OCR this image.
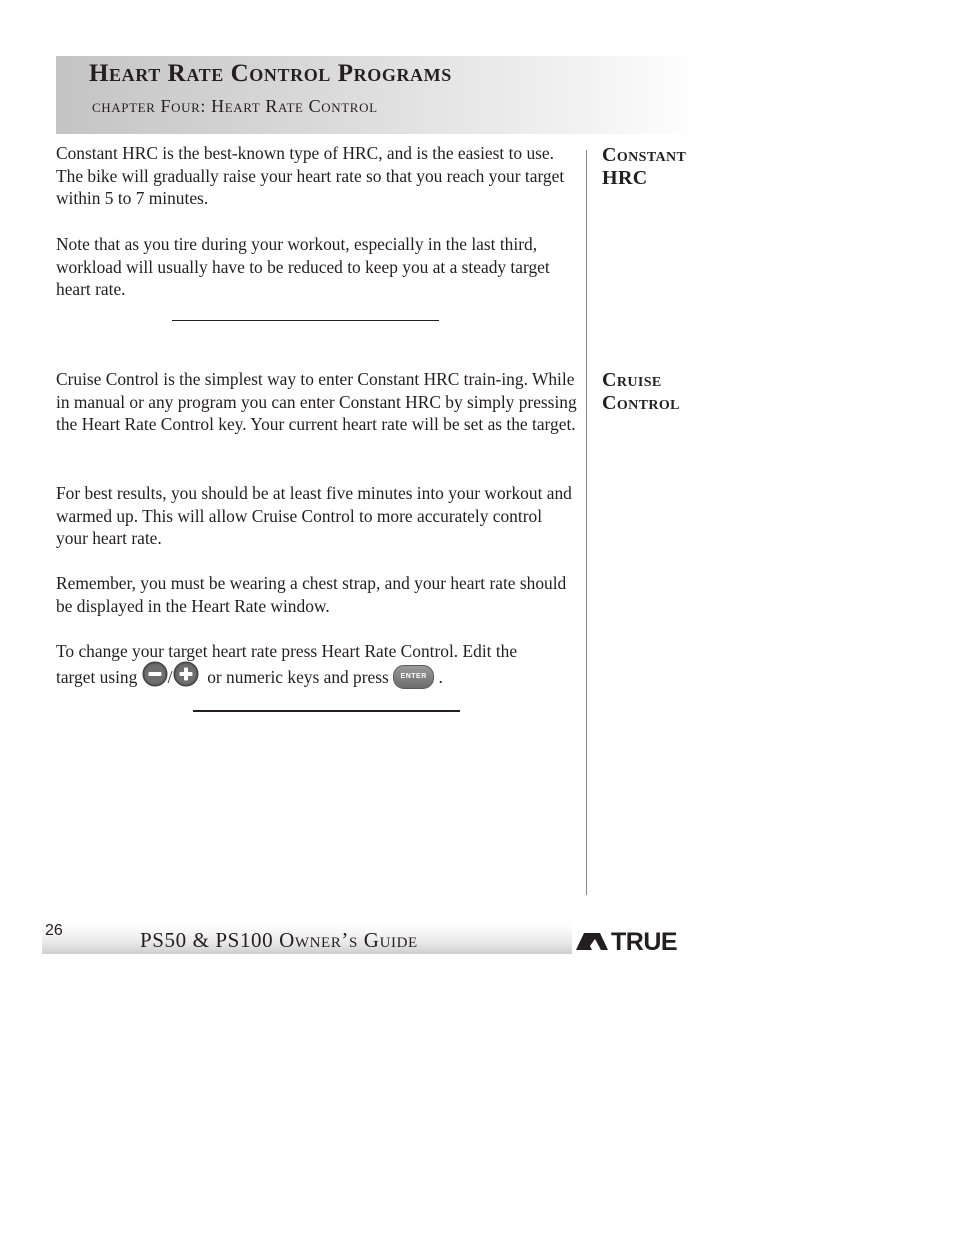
Heart Rate Control Programs
chapter Four: Heart Rate Control

Constant HRC is the best-known type of HRC, and is the easiest to use. The bike will gradually raise your heart rate so that you reach your target within 5 to 7 minutes.

Note that as you tire during your workout, especially in the last third, workload will usually have to be reduced to keep you at a steady target heart rate.

Constant
HRC

Cruise Control is the simplest way to enter Constant HRC train-ing. While in manual or any program you can enter Constant HRC by simply pressing the Heart Rate Control key. Your current heart rate will be set as the target.

For best results, you should be at least five minutes into your workout and warmed up. This will allow Cruise Control to more accurately control your heart rate.

Remember, you must be wearing a chest strap, and your heart rate should be displayed in the Heart Rate window.

To change your target heart rate press Heart Rate Control. Edit the
target using / or numeric keys and press ENTER .
Cruise
Control
26	PS50 & PS100 Owner’s Guide	TRUE
